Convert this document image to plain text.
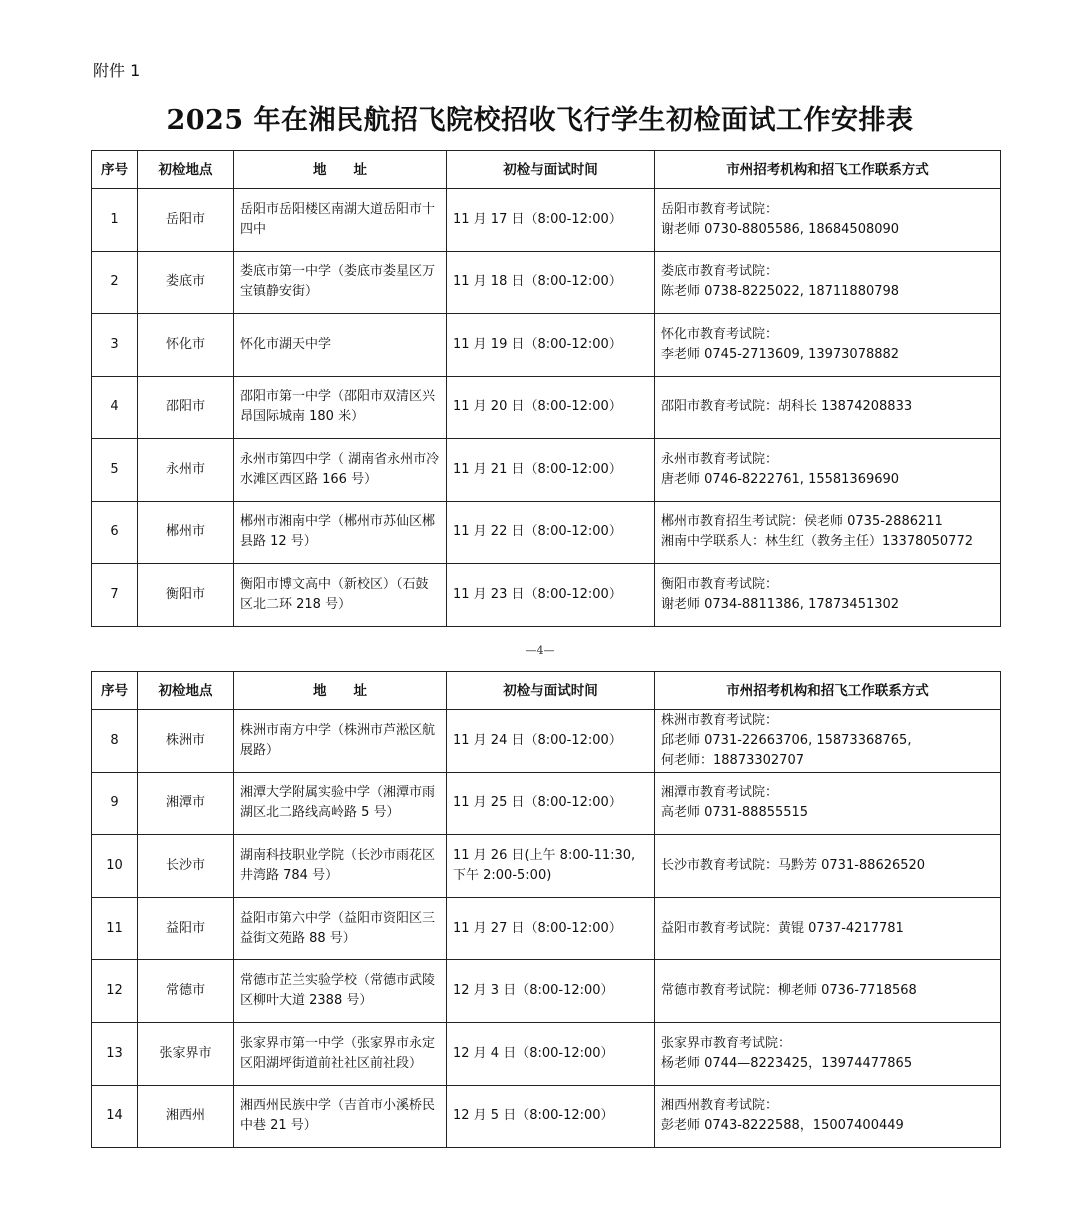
附件 1
2025 年在湘民航招飞院校招收飞行学生初检面试工作安排表
序号	初检地点	地　　址	初检与面试时间	市州招考机构和招飞工作联系方式
1	岳阳市	岳阳市岳阳楼区南湖大道岳阳市十四中	11 月 17 日（8:00-12:00）	岳阳市教育考试院：
谢老师 0730-8805586, 18684508090
2	娄底市	娄底市第一中学（娄底市娄星区万宝镇静安街）	11 月 18 日（8:00-12:00）	娄底市教育考试院：
陈老师 0738-8225022, 18711880798
3	怀化市	怀化市湖天中学	11 月 19 日（8:00-12:00）	怀化市教育考试院：
李老师 0745-2713609, 13973078882
4	邵阳市	邵阳市第一中学（邵阳市双清区兴昂国际城南 180 米）	11 月 20 日（8:00-12:00）	邵阳市教育考试院：胡科长 13874208833
5	永州市	永州市第四中学（ 湖南省永州市冷水滩区西区路 166 号）	11 月 21 日（8:00-12:00）	永州市教育考试院：
唐老师 0746-8222761, 15581369690
6	郴州市	郴州市湘南中学（郴州市苏仙区郴县路 12 号）	11 月 22 日（8:00-12:00）	郴州市教育招生考试院：侯老师 0735-2886211
湘南中学联系人：林生红（教务主任）13378050772
7	衡阳市	衡阳市博文高中（新校区）（石鼓区北二环 218 号）	11 月 23 日（8:00-12:00）	衡阳市教育考试院：
谢老师 0734-8811386, 17873451302
—4—
序号	初检地点	地　　址	初检与面试时间	市州招考机构和招飞工作联系方式
8	株洲市	株洲市南方中学（株洲市芦淞区航展路）	11 月 24 日（8:00-12:00）	株洲市教育考试院：
邱老师 0731-22663706, 15873368765,
何老师：18873302707
9	湘潭市	湘潭大学附属实验中学（湘潭市雨湖区北二路线高岭路 5 号）	11 月 25 日（8:00-12:00）	湘潭市教育考试院：
高老师 0731-88855515
10	长沙市	湖南科技职业学院（长沙市雨花区井湾路 784 号）	11 月 26 日(上午 8:00-11:30,
下午 2:00-5:00)	长沙市教育考试院：马黔芳 0731-88626520
11	益阳市	益阳市第六中学（益阳市资阳区三益街文苑路 88 号）	11 月 27 日（8:00-12:00）	益阳市教育考试院：黄锟 0737-4217781
12	常德市	常德市芷兰实验学校（常德市武陵区柳叶大道 2388 号）	12 月 3 日（8:00-12:00）	常德市教育考试院：柳老师 0736-7718568
13	张家界市	张家界市第一中学（张家界市永定区阳湖坪街道前社社区前社段）	12 月 4 日（8:00-12:00）	张家界市教育考试院：
杨老师 0744—8223425，13974477865
14	湘西州	湘西州民族中学（吉首市小溪桥民中巷 21 号）	12 月 5 日（8:00-12:00）	湘西州教育考试院：
彭老师 0743-8222588，15007400449
